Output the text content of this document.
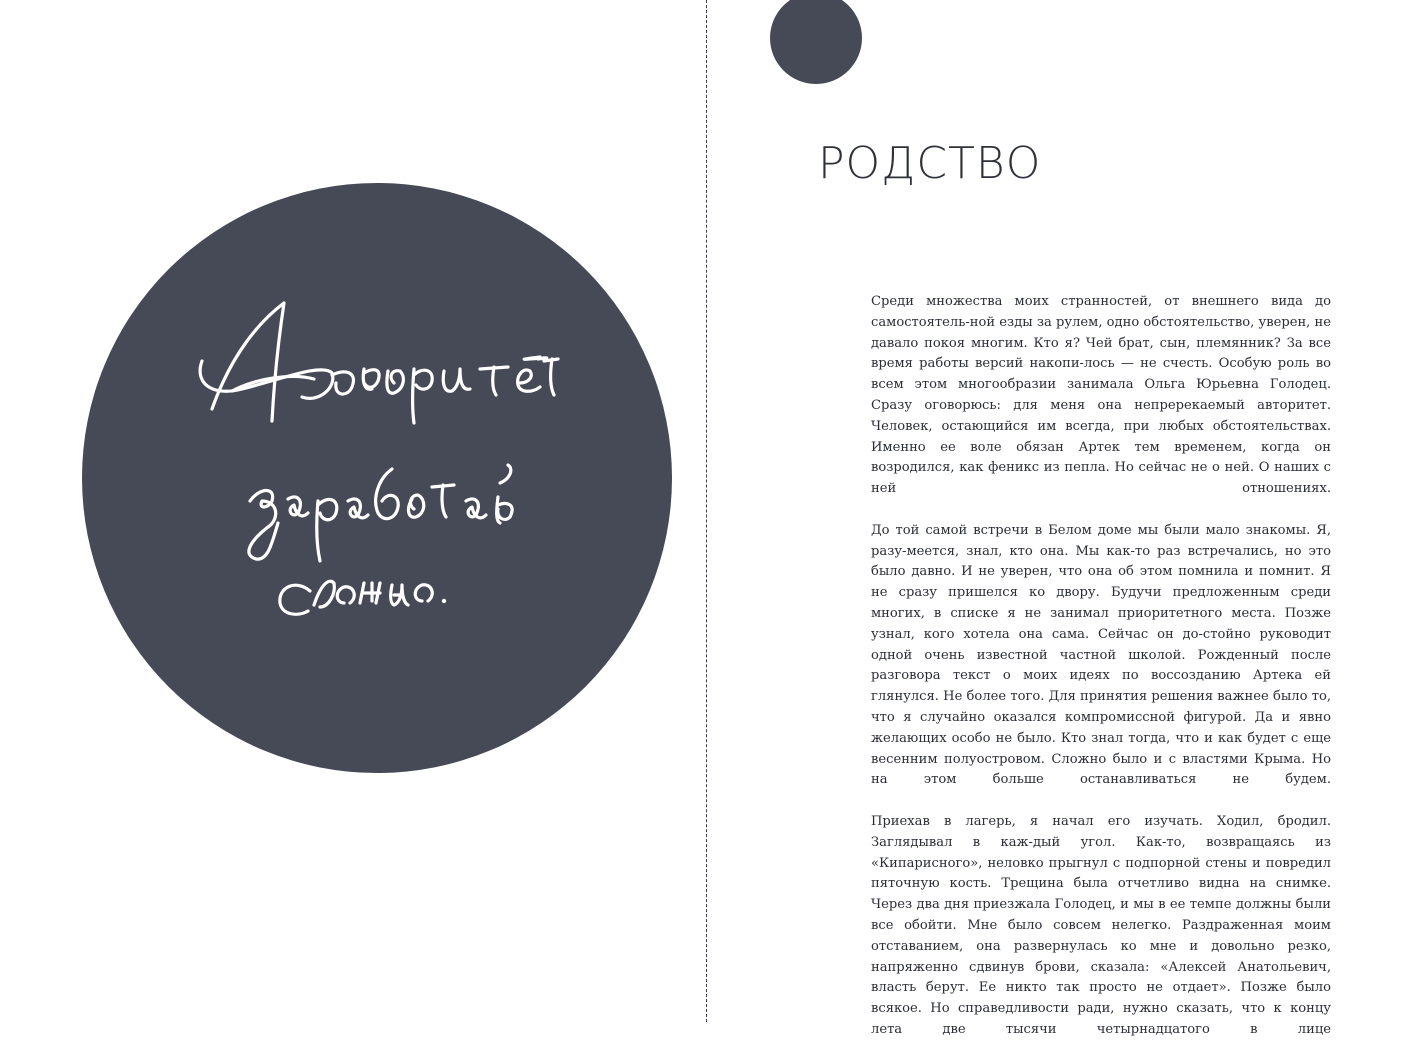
РОДСТВО

Среди множества моих странностей, от внешнего вида до самостоятель-ной езды за рулем, одно обстоятельство, уверен, не давало покоя многим. Кто я? Чей брат, сын, племянник? За все время работы версий накопи-лось — не счесть. Особую роль во всем этом многообразии занимала Ольга Юрьевна Голодец. Сразу оговорюсь: для меня она непререкаемый авторитет. Человек, остающийся им всегда, при любых обстоятельствах. Именно ее воле обязан Артек тем временем, когда он возродился, как феникс из пепла. Но сейчас не о ней. О наших с ней отношениях.

До той самой встречи в Белом доме мы были мало знакомы. Я, разу-меется, знал, кто она. Мы как-то раз встречались, но это было давно. И не уверен, что она об этом помнила и помнит. Я не сразу пришелся ко двору. Будучи предложенным среди многих, в списке я не занимал приоритетного места. Позже узнал, кого хотела она сама. Сейчас он до-стойно руководит одной очень известной частной школой. Рожденный после разговора текст о моих идеях по воссозданию Артека ей глянулся. Не более того. Для принятия решения важнее было то, что я случайно оказался компромиссной фигурой. Да и явно желающих особо не было. Кто знал тогда, что и как будет с еще весенним полуостровом. Сложно было и с властями Крыма. Но на этом больше останавливаться не будем.

Приехав в лагерь, я начал его изучать. Ходил, бродил. Заглядывал в каж-дый угол. Как-то, возвращаясь из «Кипарисного», неловко прыгнул с подпорной стены и повредил пяточную кость. Трещина была отчетливо видна на снимке. Через два дня приезжала Голодец, и мы в ее темпе должны были все обойти. Мне было совсем нелегко. Раздраженная моим отставанием, она развернулась ко мне и довольно резко, напряженно сдвинув брови, сказала: «Алексей Анатольевич, власть берут. Ее никто так просто не отдает». Позже было всякое. Но справедливости ради, нужно сказать, что к концу лета две тысячи четырнадцатого в лице
